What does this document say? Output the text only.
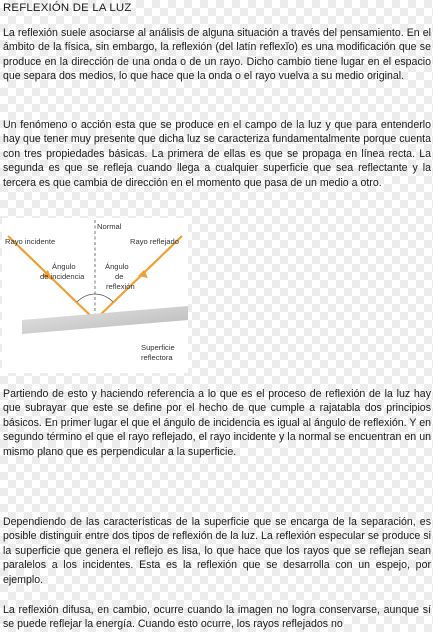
REFLEXIÓN DE LA LUZ

La reflexión suele asociarse al análisis de alguna situación a través del pensamiento. En el ámbito de la física, sin embargo, la reflexión (del latín reflexĭo) es una modificación que se produce en la dirección de una onda o de un rayo. Dicho cambio tiene lugar en el espacio que separa dos medios, lo que hace que la onda o el rayo vuelva a su medio original.

Un fenómeno o acción esta que se produce en el campo de la luz y que para entenderlo hay que tener muy presente que dicha luz se caracteriza fundamentalmente porque cuenta con tres propiedades básicas. La primera de ellas es que se propaga en línea recta. La segunda es que se refleja cuando llega a cualquier superficie que sea reflectante y la tercera es que cambia de dirección en el momento que pasa de un medio a otro.

Normal
Rayo incidente	Rayo reflejado
Ángulo
de incidencia
Ángulo
de
reflexión
Superficie
reflectora

Partiendo de esto y haciendo referencia a lo que es el proceso de reflexión de la luz hay que subrayar que este se define por el hecho de que cumple a rajatabla dos principios básicos. En primer lugar el que el ángulo de incidencia es igual al ángulo de reflexión. Y en segundo término el que el rayo reflejado, el rayo incidente y la normal se encuentran en un mismo plano que es perpendicular a la superficie.

Dependiendo de las características de la superficie que se encarga de la separación, es posible distinguir entre dos tipos de reflexión de la luz. La reflexión especular se produce si la superficie que genera el reflejo es lisa, lo que hace que los rayos que se reflejan sean paralelos a los incidentes. Esta es la reflexión que se desarrolla con un espejo, por ejemplo.

La reflexión difusa, en cambio, ocurre cuando la imagen no logra conservarse, aunque sí se puede reflejar la energía. Cuando esto ocurre, los rayos reflejados no
